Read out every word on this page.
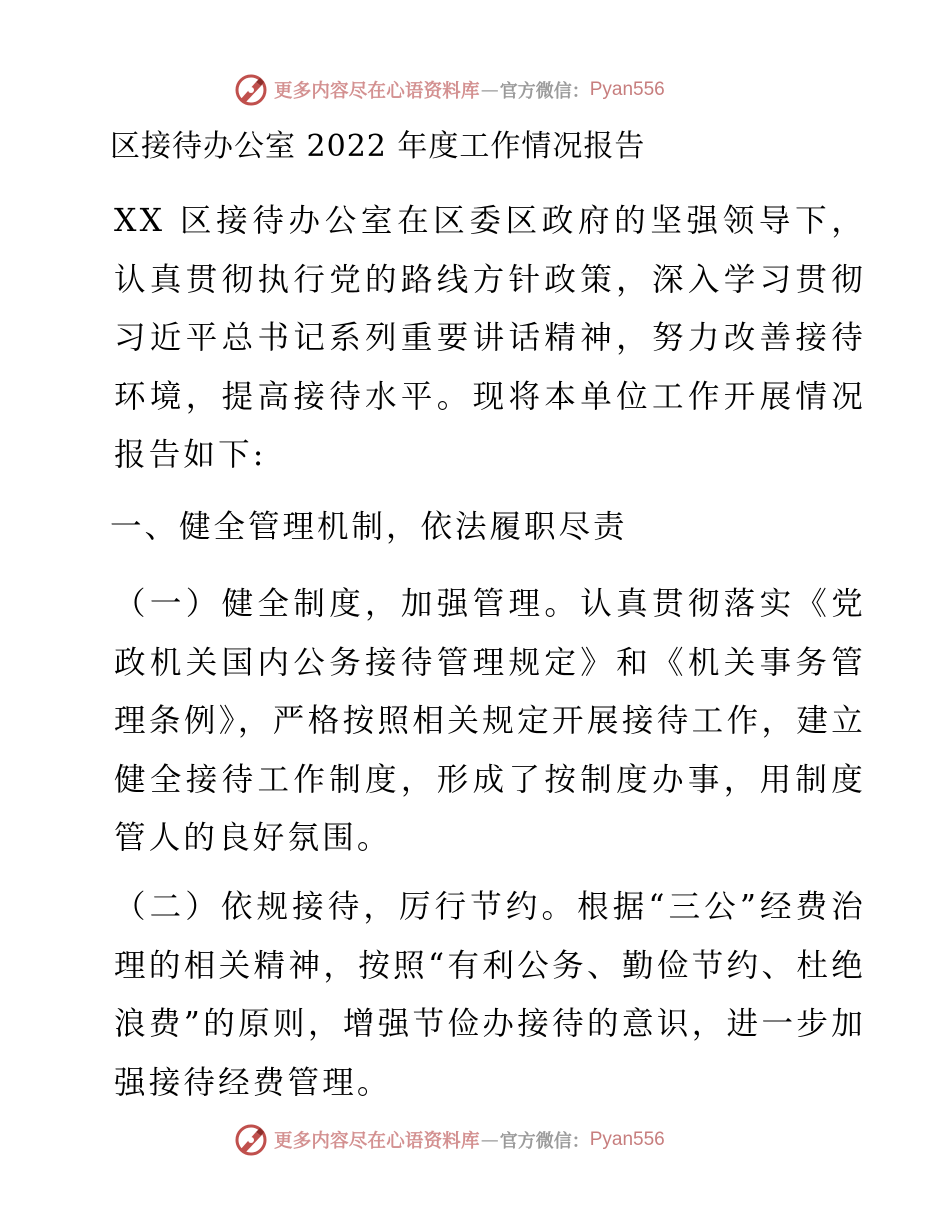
更多内容尽在心语资料库 — 官方微信： Pyan556
区接待办公室 2022 年度工作情况报告

XX 区接待办公室在区委区政府的坚强领导下，认真贯彻执行党的路线方针政策，深入学习贯彻习近平总书记系列重要讲话精神，努力改善接待环境，提高接待水平。现将本单位工作开展情况报告如下:

一、健全管理机制，依法履职尽责

（一）健全制度，加强管理。认真贯彻落实《党政机关国内公务接待管理规定》和《机关事务管理条例》，严格按照相关规定开展接待工作，建立健全接待工作制度，形成了按制度办事，用制度管人的良好氛围。

（二）依规接待，厉行节约。根据“三公”经费治理的相关精神，按照“有利公务、勤俭节约、杜绝浪费”的原则，增强节俭办接待的意识，进一步加强接待经费管理。

更多内容尽在心语资料库 — 官方微信： Pyan556
